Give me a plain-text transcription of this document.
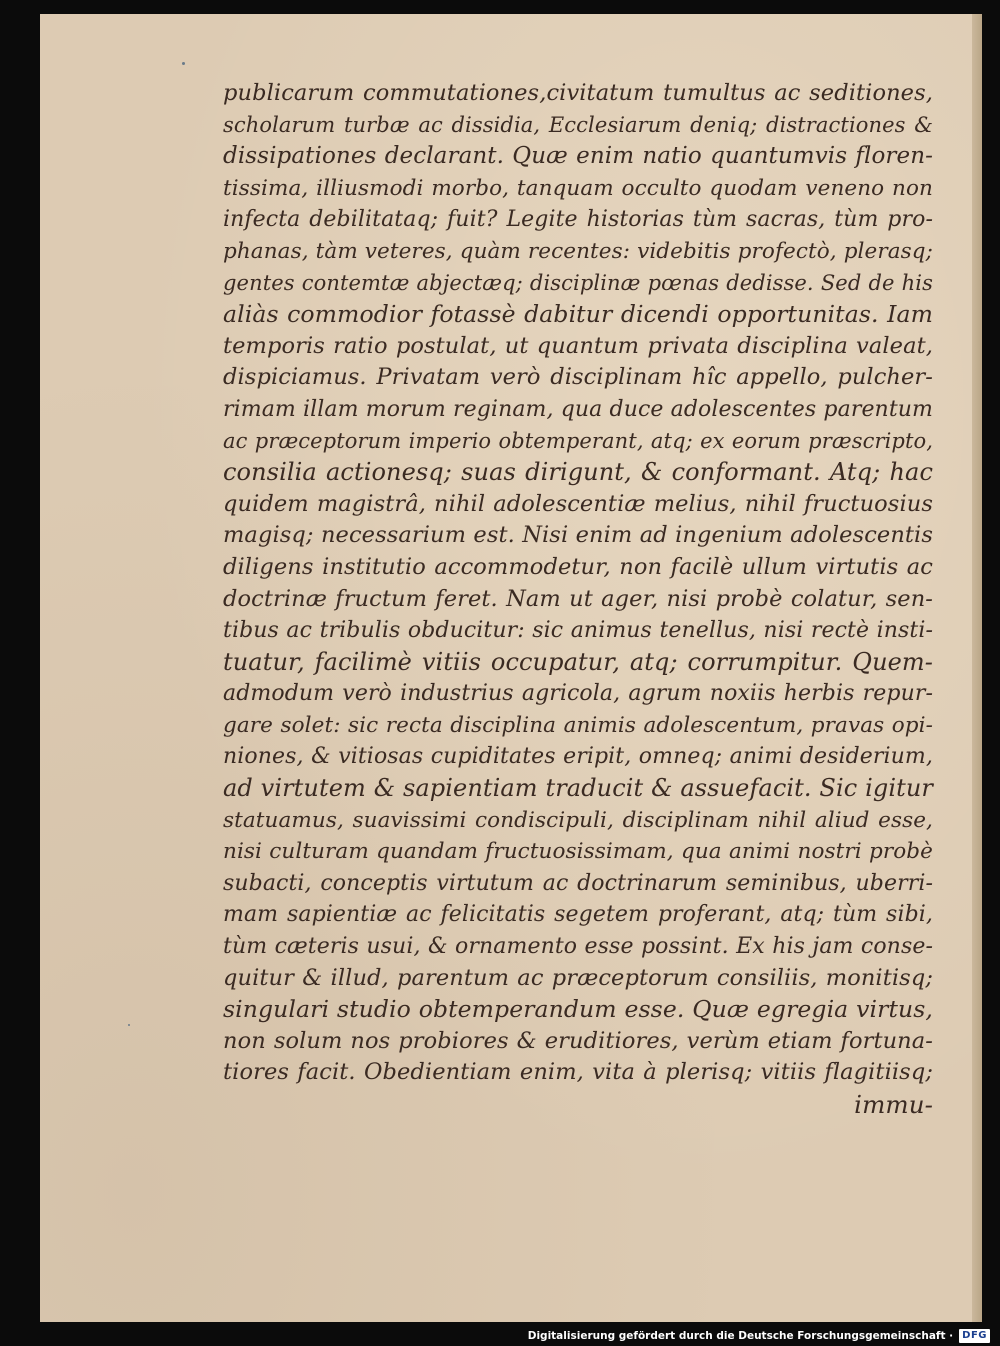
publicarum commutationes,civitatum tumultus ac seditiones,
scholarum turbæ ac dissidia, Ecclesiarum deniq; distractiones &
dissipationes declarant. Quæ enim natio quantumvis floren-
tissima, illiusmodi morbo, tanquam occulto quodam veneno non
infecta debilitataq; fuit? Legite historias tùm sacras, tùm pro-
phanas, tàm veteres, quàm recentes: videbitis profectò, plerasq;
gentes contemtæ abjectæq; disciplinæ pœnas dedisse. Sed de his
aliàs commodior fotassè dabitur dicendi opportunitas. Iam
temporis ratio postulat, ut quantum privata disciplina valeat,
dispiciamus. Privatam verò disciplinam hîc appello, pulcher-
rimam illam morum reginam, qua duce adolescentes parentum
ac præceptorum imperio obtemperant, atq; ex eorum præscripto,
consilia actionesq; suas dirigunt, & conformant. Atq; hac
quidem magistrâ, nihil adolescentiæ melius, nihil fructuosius
magisq; necessarium est. Nisi enim ad ingenium adolescentis
diligens institutio accommodetur, non facilè ullum virtutis ac
doctrinæ fructum feret. Nam ut ager, nisi probè colatur, sen-
tibus ac tribulis obducitur: sic animus tenellus, nisi rectè insti-
tuatur, facilimè vitiis occupatur, atq; corrumpitur. Quem-
admodum verò industrius agricola, agrum noxiis herbis repur-
gare solet: sic recta disciplina animis adolescentum, pravas opi-
niones, & vitiosas cupiditates eripit, omneq; animi desiderium,
ad virtutem & sapientiam traducit & assuefacit. Sic igitur
statuamus, suavissimi condiscipuli, disciplinam nihil aliud esse,
nisi culturam quandam fructuosissimam, qua animi nostri probè
subacti, conceptis virtutum ac doctrinarum seminibus, uberri-
mam sapientiæ ac felicitatis segetem proferant, atq; tùm sibi,
tùm cæteris usui, & ornamento esse possint. Ex his jam conse-
quitur & illud, parentum ac præceptorum consiliis, monitisq;
singulari studio obtemperandum esse. Quæ egregia virtus,
non solum nos probiores & eruditiores, verùm etiam fortuna-
tiores facit. Obedientiam enim, vita à plerisq; vitiis flagitiisq;
immu-
Digitalisierung gefördert durch die Deutsche Forschungsgemeinschaft · DFG
